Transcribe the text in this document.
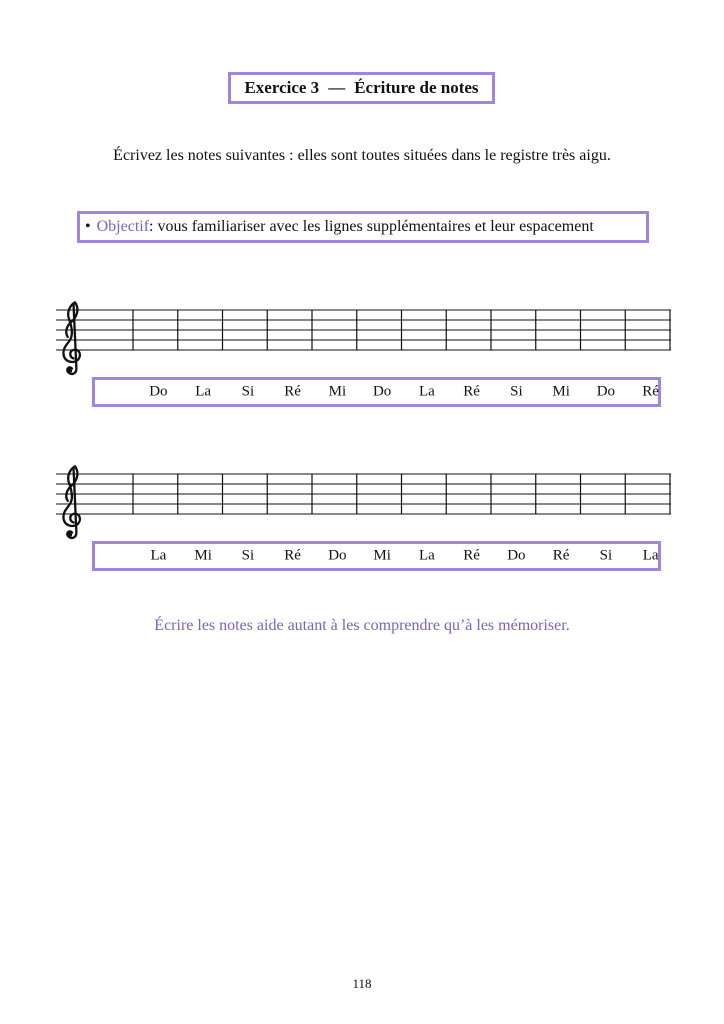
Exercice 3 — Écriture de notes
Écrivez les notes suivantes : elles sont toutes situées dans le registre très aigu.
• Objectif : vous familiariser avec les lignes supplémentaires et leur espacement
Do La Si Ré Mi Do La Ré Si Mi Do Ré
La Mi Si Ré Do Mi La Ré Do Ré Si La
Écrire les notes aide autant à les comprendre qu’à les mémoriser.
118
